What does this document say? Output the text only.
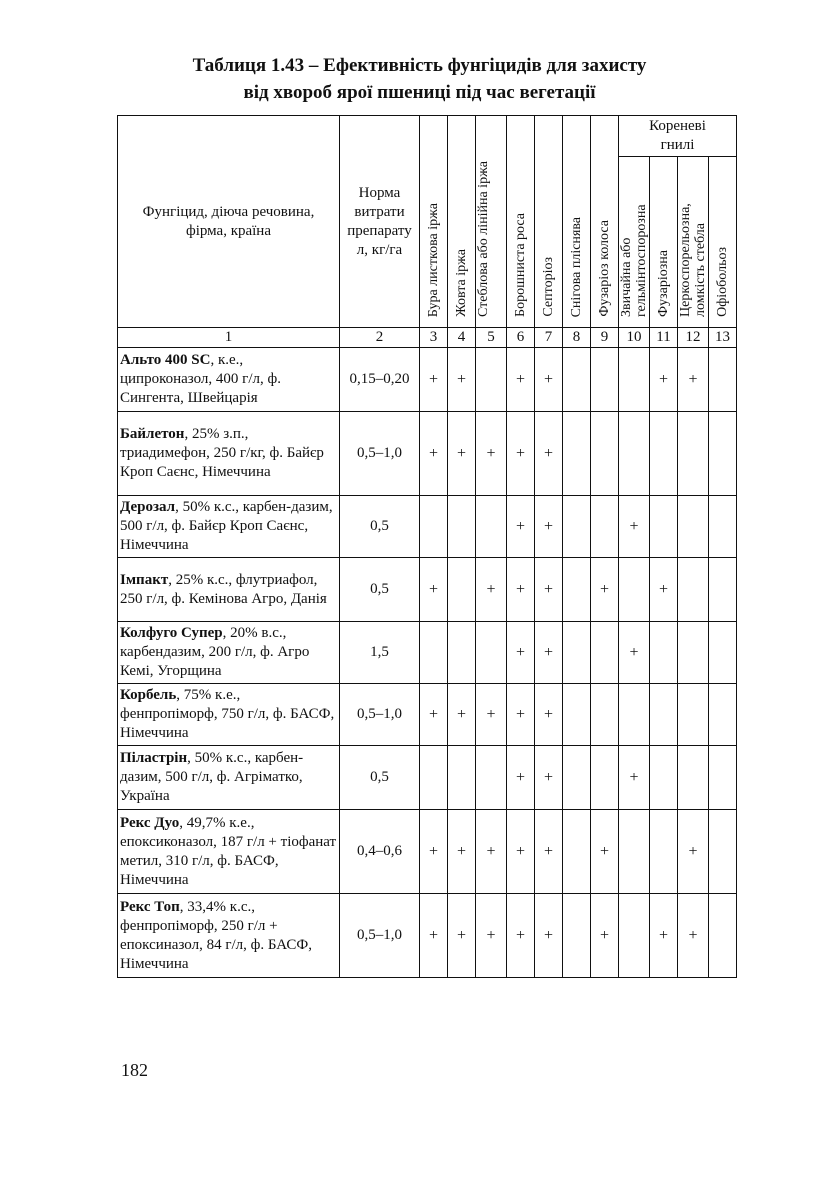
Таблиця 1.43 – Ефективність фунгіцидів для захисту
від хвороб ярої пшениці під час вегетації
Фунгіцид, діюча речовина, фірма, країна	Норма витрати препарату л, кг/га	Бура листкова іржа	Жовта іржа	Стеблова або лінійна іржа	Борошниста роса	Септоріоз	Снігова пліснява	Фузаріоз колоса	Кореневі гнилі			
									Звичайна або гельмінтоспорозна	Фузаріозна	Церкоспорельозна, ломкість стебла	Офіобольоз
1	2	3	4	5	6	7	8	9	10	11	12	13
Альто 400 SC, к.е., ципроконазол, 400 г/л, ф. Сингента, Швейцарія	0,15–0,20	+	+		+	+				+	+	
Байлетон, 25% з.п., триадимефон, 250 г/кг, ф. Байєр Кроп Саєнс, Німеччина	0,5–1,0	+	+	+	+	+						
Дерозал, 50% к.с., карбен-дазим, 500 г/л, ф. Байєр Кроп Саєнс, Німеччина	0,5				+	+			+			
Імпакт, 25% к.с., флутриафол, 250 г/л, ф. Кемінова Агро, Данія	0,5	+		+	+	+		+		+		
Колфуго Супер, 20% в.с., карбендазим, 200 г/л, ф. Агро Кемі, Угорщина	1,5				+	+			+			
Корбель, 75% к.е., фенпропіморф, 750 г/л, ф. БАСФ, Німеччина	0,5–1,0	+	+	+	+	+						
Піластрін, 50% к.с., карбен-дазим, 500 г/л, ф. Агріматко, Україна	0,5				+	+			+			
Рекс Дуо, 49,7% к.е., епоксиконазол, 187 г/л + тіофанат метил, 310 г/л, ф. БАСФ, Німеччина	0,4–0,6	+	+	+	+	+		+			+	
Рекс Топ, 33,4% к.с., фенпропіморф, 250 г/л + епоксиназол, 84 г/л, ф. БАСФ, Німеччина	0,5–1,0	+	+	+	+	+		+		+	+	
182
